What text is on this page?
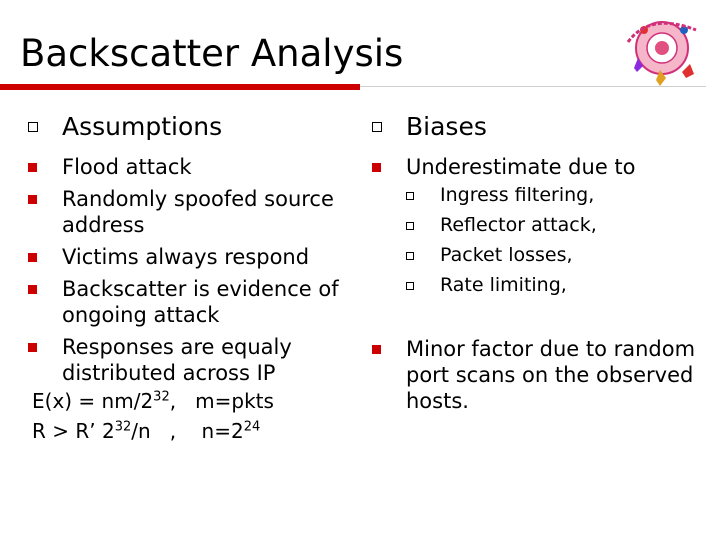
Backscatter Analysis
Assumptions
Flood attack
Randomly spoofed source address
Victims always respond
Backscatter is evidence of ongoing attack
Responses are equaly distributed across IP
$E(x) = nm/2^{32}$,   m=pkts
R > R’ $2^{32}/n$   ,    $n=2^{24}$
Biases
Underestimate due to
Ingress filtering,
Reflector attack,
Packet losses,
Rate limiting,
Minor factor due to random port scans on the observed hosts.
